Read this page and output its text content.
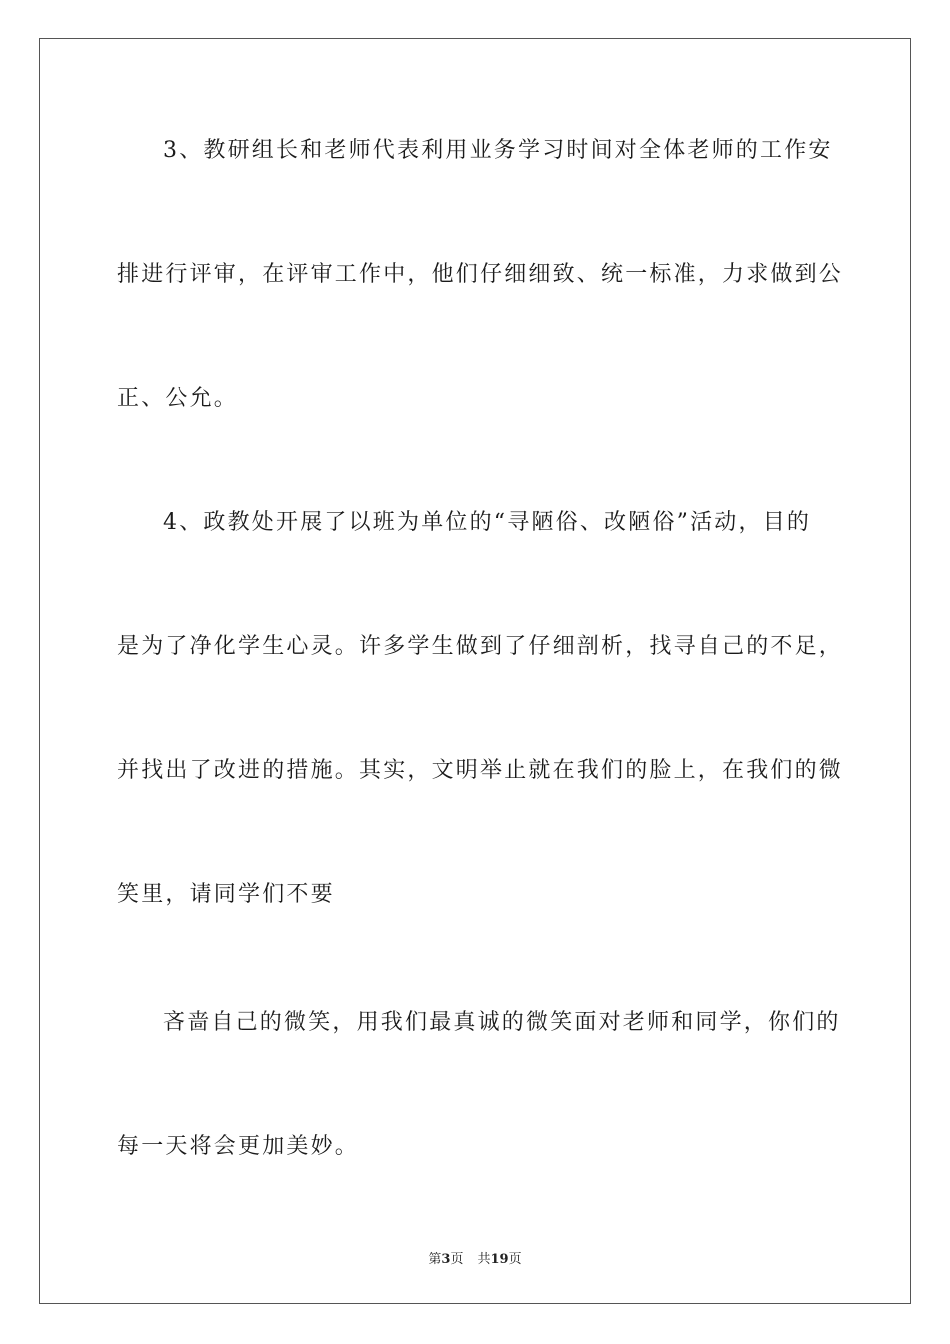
3、教研组长和老师代表利用业务学习时间对全体老师的工作安
排进行评审，在评审工作中，他们仔细细致、统一标准，力求做到公
正、公允。
4、政教处开展了以班为单位的“寻陋俗、改陋俗”活动，目的
是为了净化学生心灵。许多学生做到了仔细剖析，找寻自己的不足，
并找出了改进的措施。其实，文明举止就在我们的脸上，在我们的微
笑里，请同学们不要
吝啬自己的微笑，用我们最真诚的微笑面对老师和同学，你们的
每一天将会更加美妙。
第3页 共19页
